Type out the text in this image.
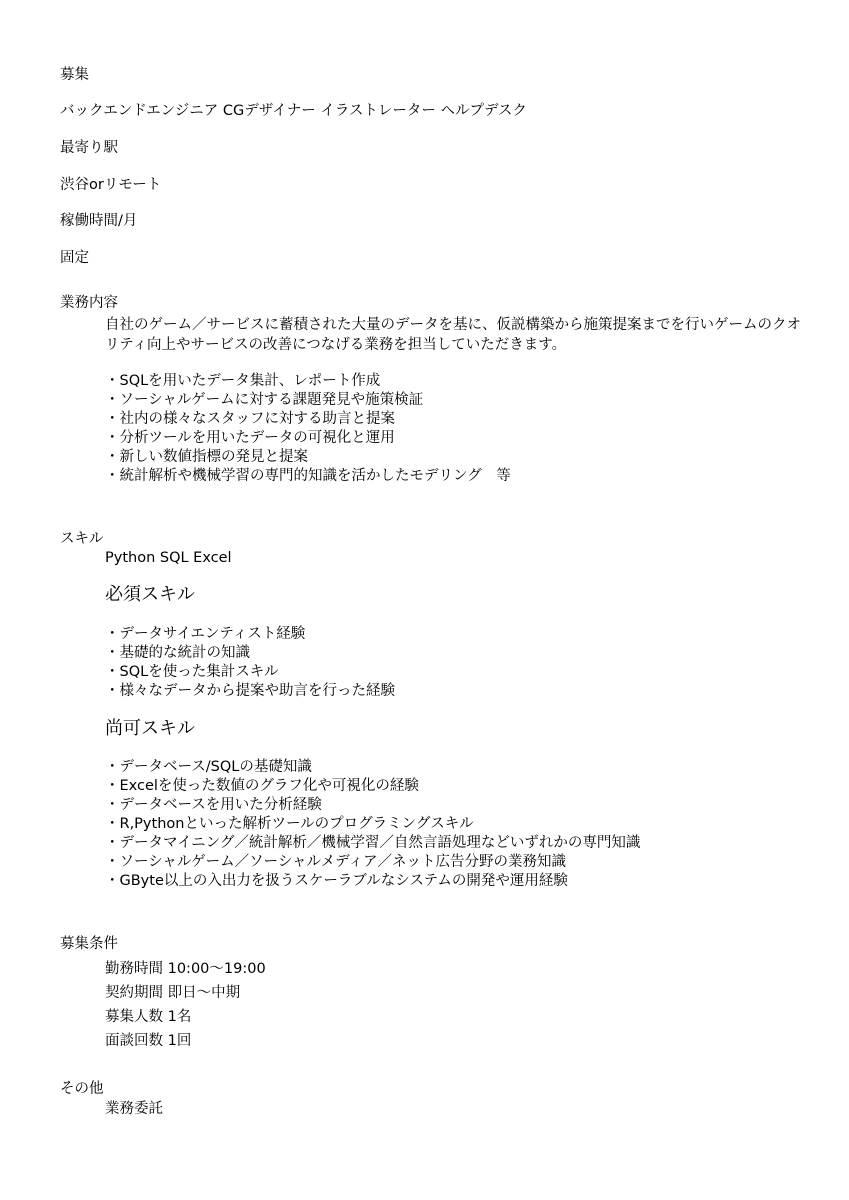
募集
バックエンドエンジニア CGデザイナー イラストレーター ヘルプデスク
最寄り駅
渋谷orリモート
稼働時間/月
固定
業務内容
自社のゲーム／サービスに蓄積された大量のデータを基に、仮説構築から施策提案までを行いゲームのクオリティ向上やサービスの改善につなげる業務を担当していただきます。
・SQLを用いたデータ集計、レポート作成
・ソーシャルゲームに対する課題発見や施策検証
・社内の様々なスタッフに対する助言と提案
・分析ツールを用いたデータの可視化と運用
・新しい数値指標の発見と提案
・統計解析や機械学習の専門的知識を活かしたモデリング　等
スキル
Python SQL Excel
必須スキル
・データサイエンティスト経験
・基礎的な統計の知識
・SQLを使った集計スキル
・様々なデータから提案や助言を行った経験
尚可スキル
・データベース/SQLの基礎知識
・Excelを使った数値のグラフ化や可視化の経験
・データベースを用いた分析経験
・R,Pythonといった解析ツールのプログラミングスキル
・データマイニング／統計解析／機械学習／自然言語処理などいずれかの専門知識
・ソーシャルゲーム／ソーシャルメディア／ネット広告分野の業務知識
・GByte以上の入出力を扱うスケーラブルなシステムの開発や運用経験
募集条件
勤務時間 10:00〜19:00
契約期間 即日〜中期
募集人数 1名
面談回数 1回
その他
業務委託
